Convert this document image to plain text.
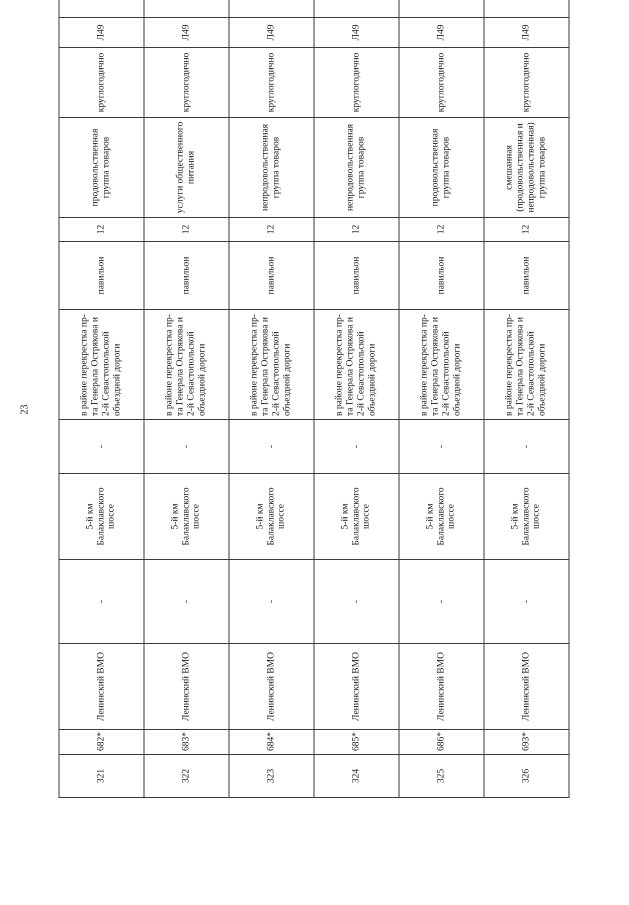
23
321	682*	Ленинский ВМО	-	5-й км Балаклавского шоссе	-	в районе перекрестка пр-та Генерала Острякова и 2-й Севастопольской объездной дороги	павильон	12	продовольственная группа товаров	круглогодично	Л49	
322	683*	Ленинский ВМО	-	5-й км Балаклавского шоссе	-	в районе перекрестка пр-та Генерала Острякова и 2-й Севастопольской объездной дороги	павильон	12	услуги общественного питания	круглогодично	Л49	
323	684*	Ленинский ВМО	-	5-й км Балаклавского шоссе	-	в районе перекрестка пр-та Генерала Острякова и 2-й Севастопольской объездной дороги	павильон	12	непродовольственная группа товаров	круглогодично	Л49	
324	685*	Ленинский ВМО	-	5-й км Балаклавского шоссе	-	в районе перекрестка пр-та Генерала Острякова и 2-й Севастопольской объездной дороги	павильон	12	непродовольственная группа товаров	круглогодично	Л49	
325	686*	Ленинский ВМО	-	5-й км Балаклавского шоссе	-	в районе перекрестка пр-та Генерала Острякова и 2-й Севастопольской объездной дороги	павильон	12	продовольственная группа товаров	круглогодично	Л49	
326	693*	Ленинский ВМО	-	5-й км Балаклавского шоссе	-	в районе перекрестка пр-та Генерала Острякова и 2-й Севастопольской объездной дороги	павильон	12	смешанная (продовольственная и непродовольственная) группа товаров	круглогодично	Л49	
